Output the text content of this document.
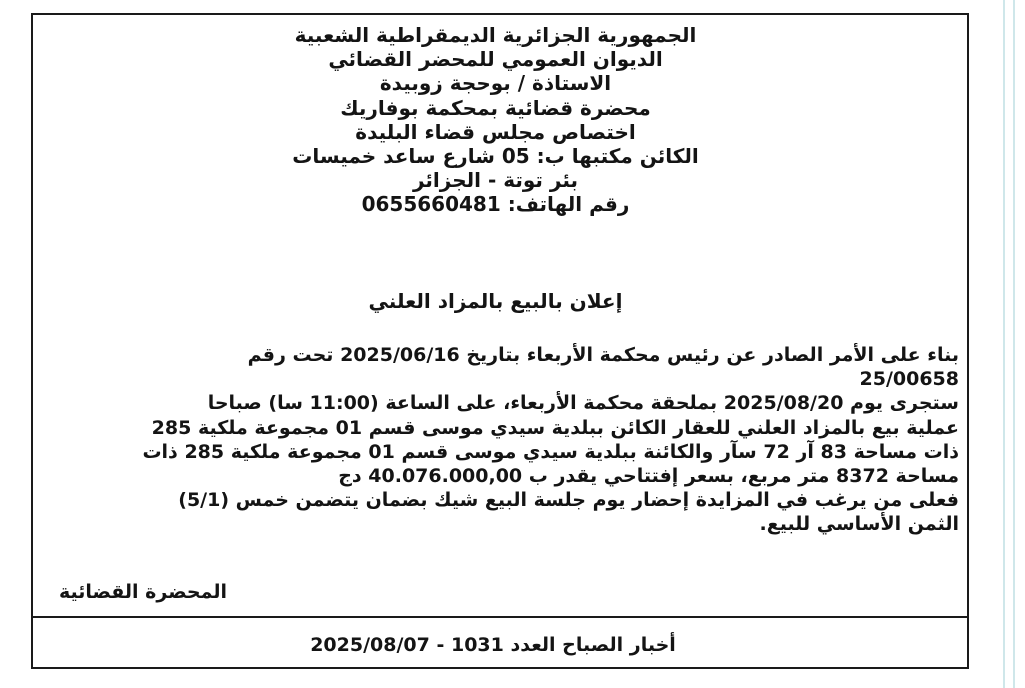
الجمهورية الجزائرية الديمقراطية الشعبية
الديوان العمومي للمحضر القضائي
الاستاذة / بوحجة زوبيدة
محضرة قضائية بمحكمة بوفاريك
اختصاص مجلس قضاء البليدة
الكائن مكتبها ب: 05 شارع ساعد خميسات
بئر توتة - الجزائر
رقم الهاتف: 0655660481
إعلان بالبيع بالمزاد العلني
بناء على الأمر الصادر عن رئيس محكمة الأربعاء بتاريخ 2025/06/16 تحت رقم
25/00658
ستجرى يوم 2025/08/20 بملحقة محكمة الأربعاء، على الساعة (11:00 سا) صباحا
عملية بيع بالمزاد العلني للعقار الكائن ببلدية سيدي موسى قسم 01 مجموعة ملكية 285
ذات مساحة 83 آر 72 سآر والكائنة ببلدية سيدي موسى قسم 01 مجموعة ملكية 285 ذات
مساحة 8372 متر مربع، بسعر إفتتاحي يقدر ب 40.076.000,00 دج
فعلى من يرغب في المزايدة إحضار يوم جلسة البيع شيك بضمان يتضمن خمس (5/1)
الثمن الأساسي للبيع.
المحضرة القضائية
أخبار الصباح العدد 1031 - 2025/08/07
